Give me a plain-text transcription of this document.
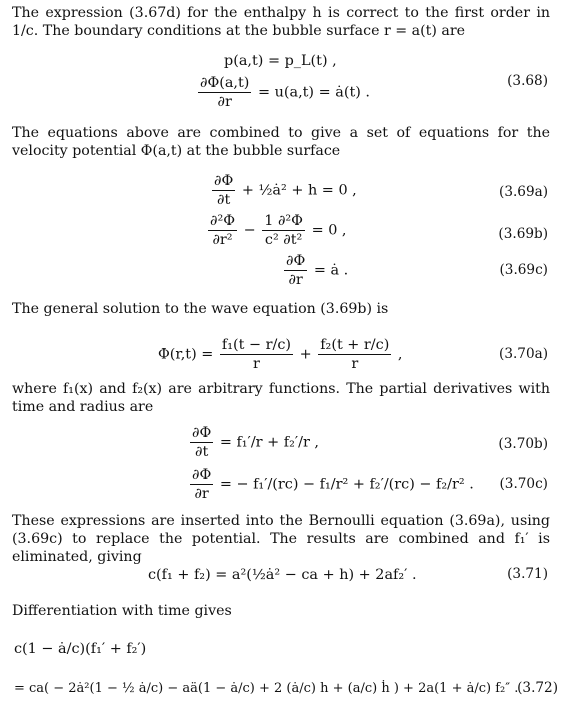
The expression (3.67d) for the enthalpy h is correct to the first order in 1/c. The boundary conditions at the bubble surface r = a(t) are
p(a,t) = p_L(t) ,
$\frac{\partial\Phi(a,t)}{\partial r} = u(a,t)$ = ȧ(t) .
(3.68)
The equations above are combined to give a set of equations for the velocity potential Φ(a,t) at the bubble surface
$\frac{\partial\Phi}{\partial t}$ + ½ȧ² + h = 0 ,	(3.69a)
$\frac{\text{∂²Φ}}{\text{∂r²}} - \frac{\text{1 ∂²Φ}}{\text{c² ∂t²}} = 0$ ,	(3.69b)
$\frac{\partial\Phi}{\partial r}$ = ȧ .	(3.69c)
The general solution to the wave equation (3.69b) is
$\Phi(r,t) = \frac{\text{f₁(t − r/c)}}{r} + \frac{\text{f₂(t + r/c)}}{r}$ ,	(3.70a)
where f₁(x) and f₂(x) are arbitrary functions. The partial derivatives with time and radius are
$\frac{\partial\Phi}{\partial t} = f_1'/r + f_2'/r$ ,	(3.70b)
$\frac{\partial\Phi}{\partial r}$ = − f₁′/(rc) − f₁/r² + f₂′/(rc) − f₂/r² . (3.70c)
These expressions are inserted into the Bernoulli equation (3.69a), using (3.69c) to replace the potential. The results are combined and f₁′ is eliminated, giving
c(f₁ + f₂) = a²(½ȧ² − ca + h) + 2af₂′ .	(3.71)
Differentiation with time gives
c(1 − ȧ/c)(f₁′ + f₂′)
= ca( − 2ȧ²(1 − ½ ȧ/c) − aä(1 − ȧ/c) + 2 (ȧ/c) h + (a/c) ḣ ) + 2a(1 + ȧ/c) f₂″ .
(3.72)
